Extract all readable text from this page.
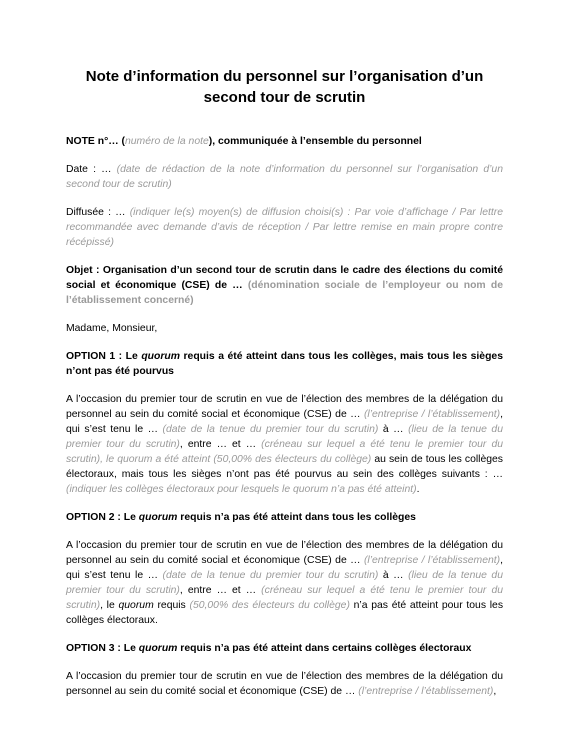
Note d’information du personnel sur l’organisation d’un second tour de scrutin

NOTE n°… (numéro de la note), communiquée à l’ensemble du personnel

Date : … (date de rédaction de la note d’information du personnel sur l’organisation d’un second tour de scrutin)

Diffusée : … (indiquer le(s) moyen(s) de diffusion choisi(s) : Par voie d’affichage / Par lettre recommandée avec demande d’avis de réception / Par lettre remise en main propre contre récépissé)

Objet : Organisation d’un second tour de scrutin dans le cadre des élections du comité social et économique (CSE) de … (dénomination sociale de l’employeur ou nom de l’établissement concerné)

Madame, Monsieur,

OPTION 1 : Le quorum requis a été atteint dans tous les collèges, mais tous les sièges n’ont pas été pourvus

A l’occasion du premier tour de scrutin en vue de l’élection des membres de la délégation du personnel au sein du comité social et économique (CSE) de … (l’entreprise / l’établissement), qui s’est tenu le … (date de la tenue du premier tour du scrutin) à … (lieu de la tenue du premier tour du scrutin), entre … et … (créneau sur lequel a été tenu le premier tour du scrutin), le quorum a été atteint (50,00% des électeurs du collège) au sein de tous les collèges électoraux, mais tous les sièges n’ont pas été pourvus au sein des collèges suivants : … (indiquer les collèges électoraux pour lesquels le quorum n’a pas été atteint).

OPTION 2 : Le quorum requis n’a pas été atteint dans tous les collèges

A l’occasion du premier tour de scrutin en vue de l’élection des membres de la délégation du personnel au sein du comité social et économique (CSE) de … (l’entreprise / l’établissement), qui s’est tenu le … (date de la tenue du premier tour du scrutin) à … (lieu de la tenue du premier tour du scrutin), entre … et … (créneau sur lequel a été tenu le premier tour du scrutin), le quorum requis (50,00% des électeurs du collège) n’a pas été atteint pour tous les collèges électoraux.

OPTION 3 : Le quorum requis n’a pas été atteint dans certains collèges électoraux

A l’occasion du premier tour de scrutin en vue de l’élection des membres de la délégation du personnel au sein du comité social et économique (CSE) de … (l’entreprise / l’établissement),
